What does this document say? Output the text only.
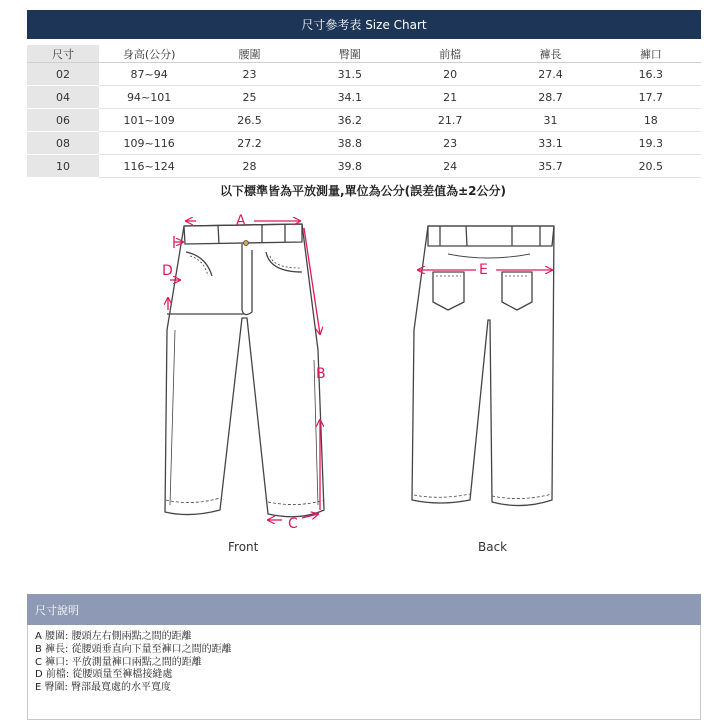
尺寸參考表 Size Chart
尺寸	身高(公分)	腰圍	臀圍	前檔	褲長	褲口
02	87~94	23	31.5	20	27.4	16.3
04	94~101	25	34.1	21	28.7	17.7
06	101~109	26.5	36.2	21.7	31	18
08	109~116	27.2	38.8	23	33.1	19.3
10	116~124	28	39.8	24	35.7	20.5
以下標準皆為平放測量,單位為公分(誤差值為±2公分)
A
B
C
D	E
Front	Back
尺寸說明
A 腰圍: 腰頭左右側兩點之間的距離
B 褲長: 從腰頭垂直向下量至褲口之間的距離
C 褲口: 平放測量褲口兩點之間的距離
D 前檔: 從腰頭量至褲檔接縫處
E 臀圍: 臀部最寬處的水平寬度
